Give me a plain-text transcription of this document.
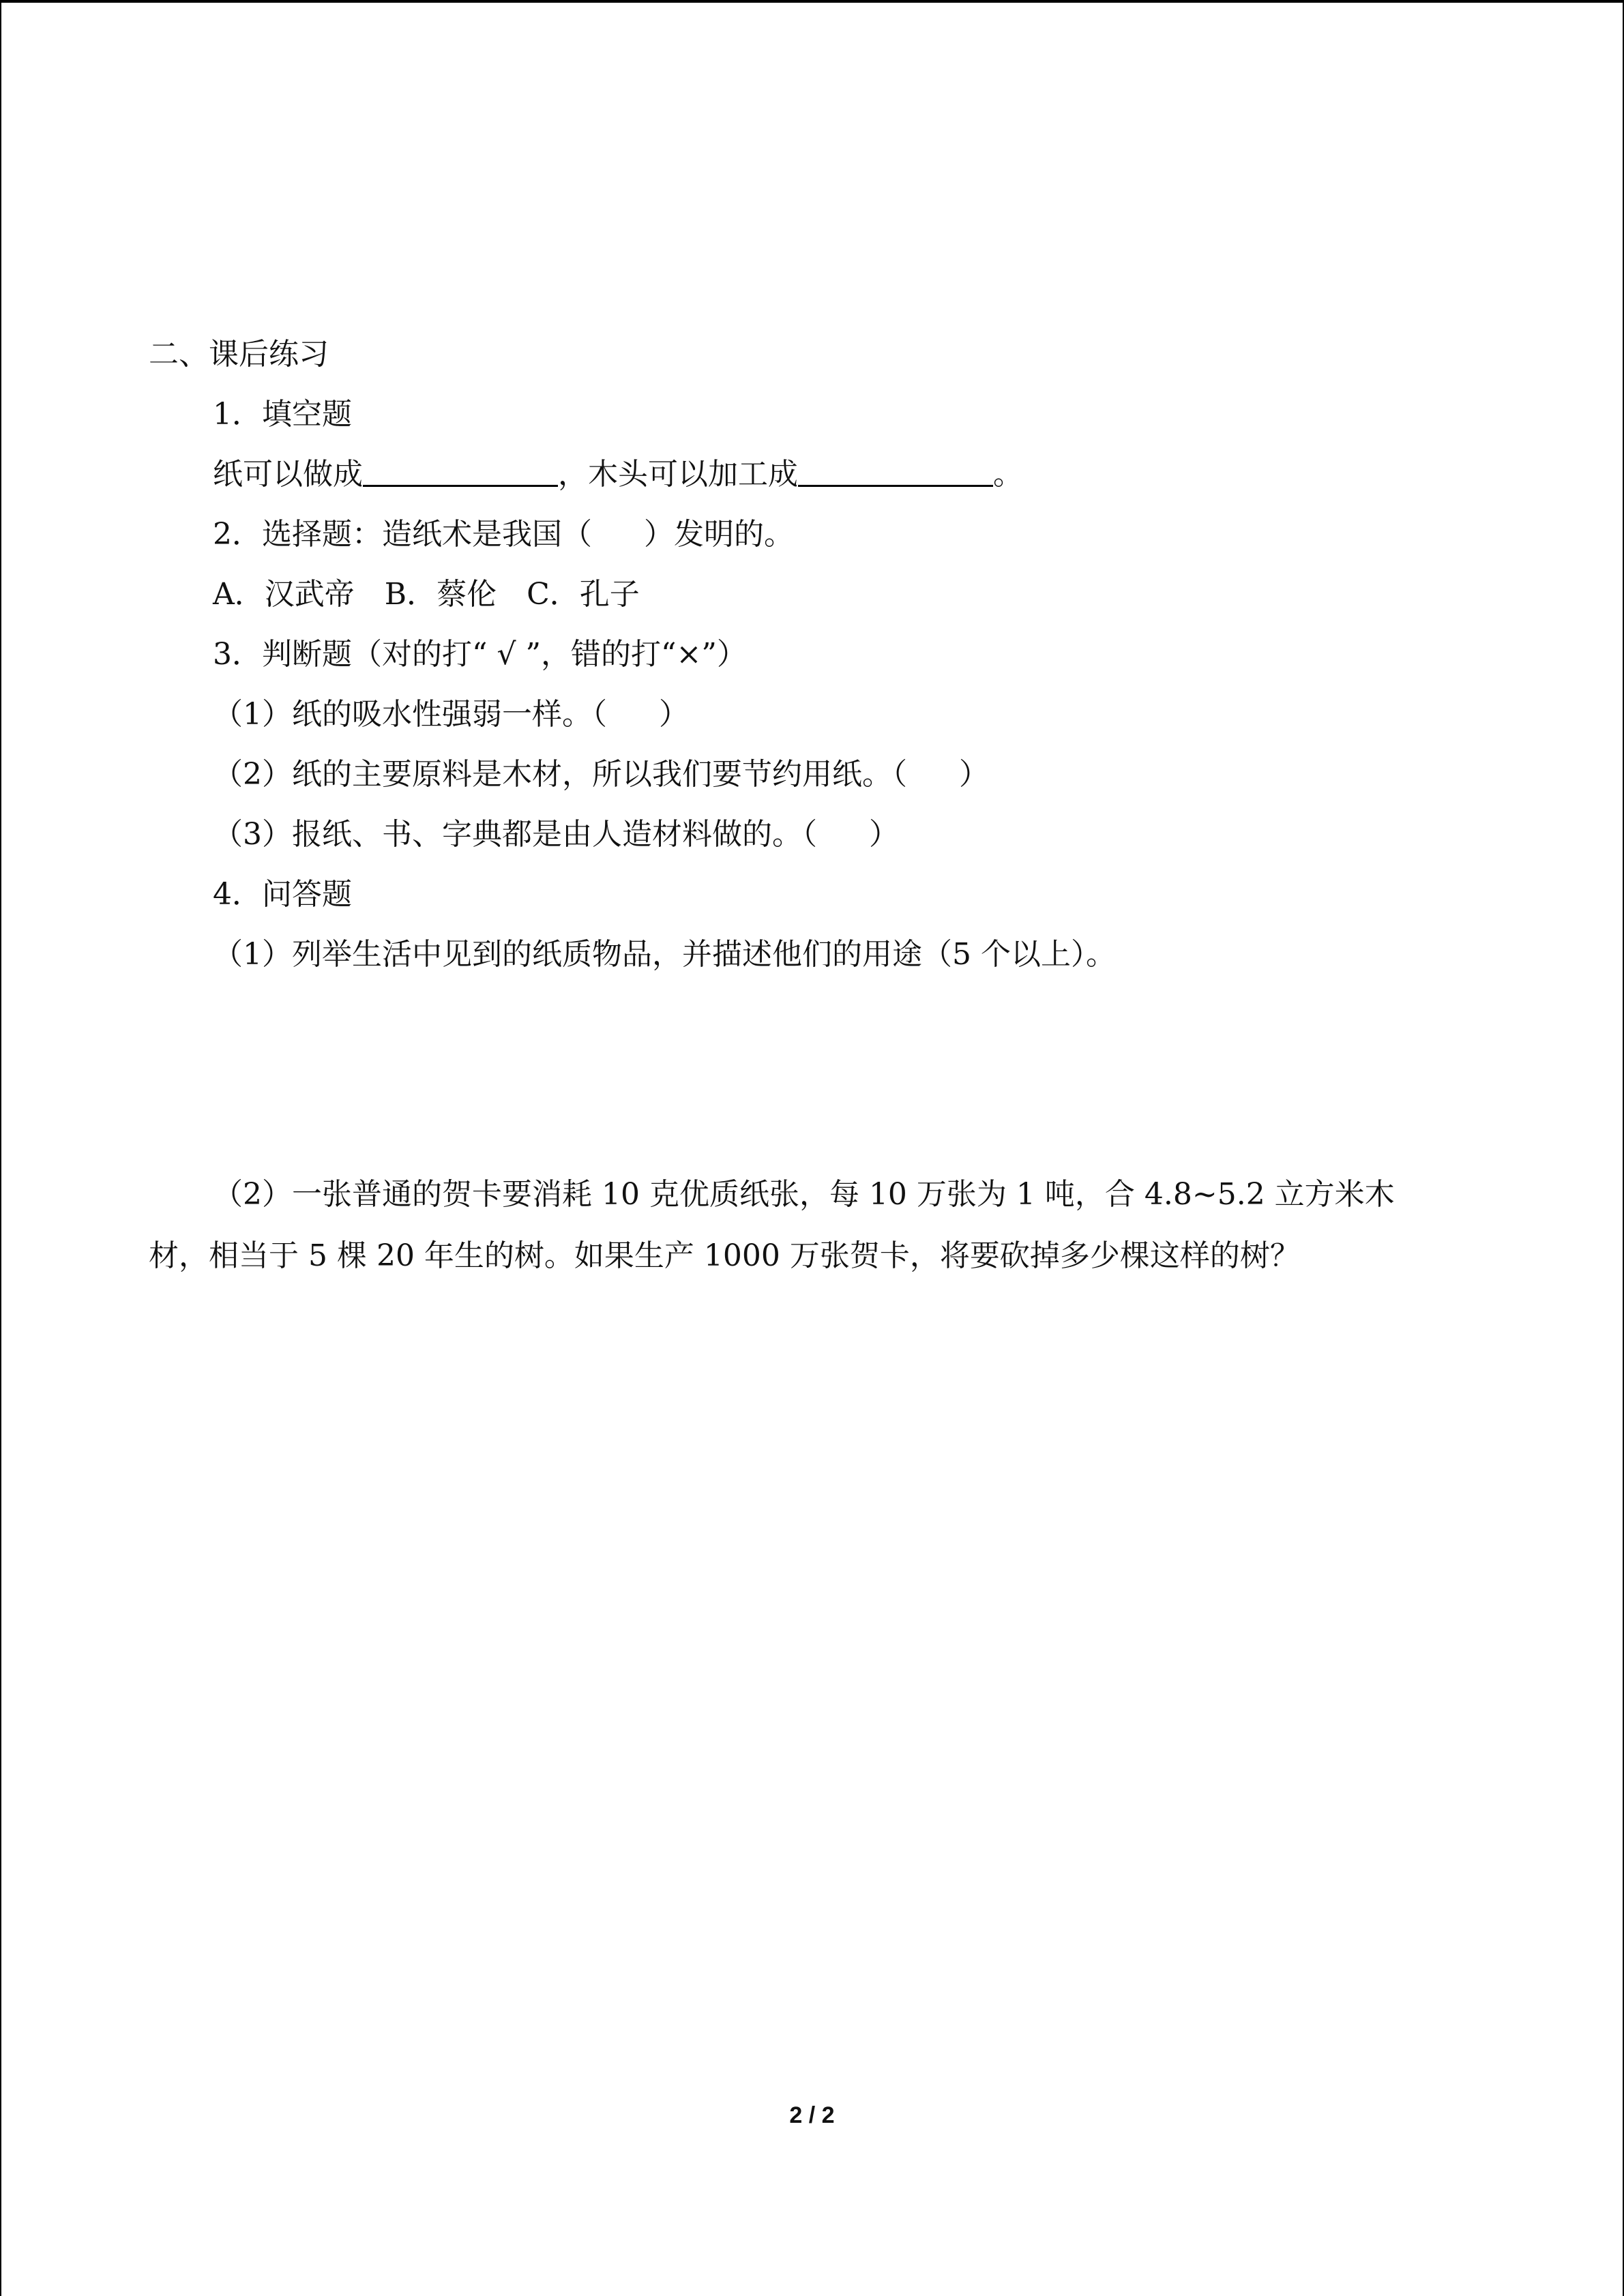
二、课后练习
1．填空题
纸可以做成	，木头可以加工成	。
2．选择题：造纸术是我国（ ）发明的。
A．汉武帝　B．蔡伦　C．孔子
3．判断题（对的打“ √ ”，错的打“×”）
（1）纸的吸水性强弱一样。（ ）
（2）纸的主要原料是木材，所以我们要节约用纸。（ ）
（3）报纸、书、字典都是由人造材料做的。（ ）
4．问答题
（1）列举生活中见到的纸质物品，并描述他们的用途（5 个以上）。
（2）一张普通的贺卡要消耗 10 克优质纸张，每 10 万张为 1 吨，合 4.8~5.2 立方米木
材，相当于 5 棵 20 年生的树。如果生产 1000 万张贺卡，将要砍掉多少棵这样的树？
2 / 2
